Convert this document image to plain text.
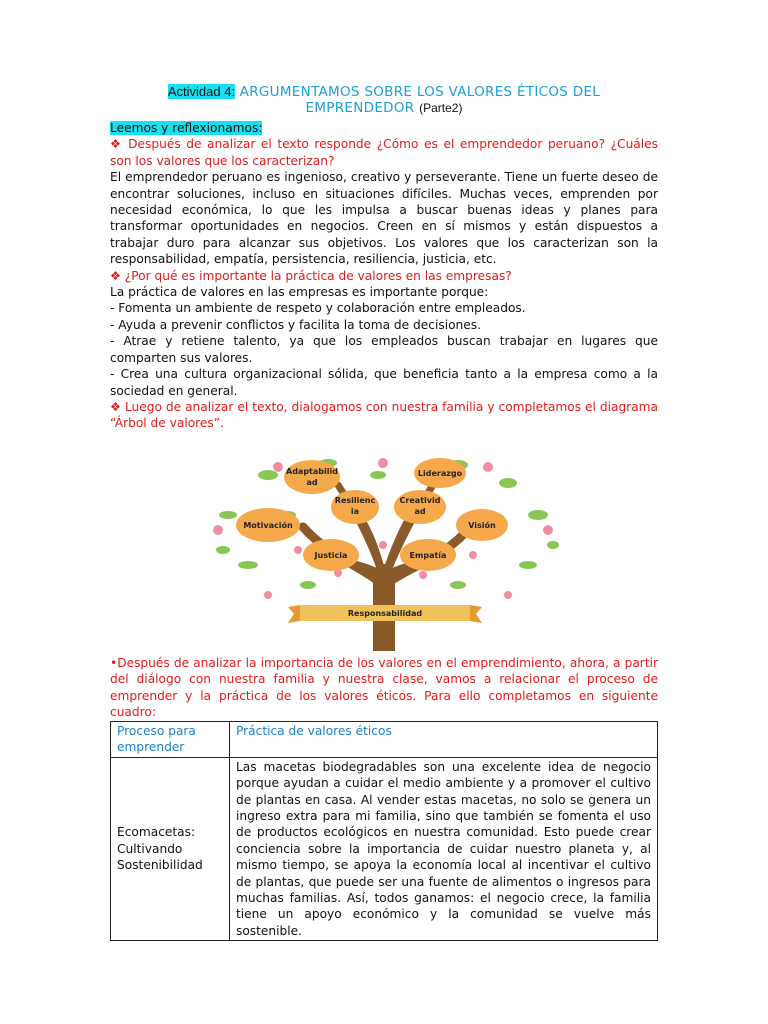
Actividad 4: ARGUMENTAMOS SOBRE LOS VALORES ÉTICOS DEL
EMPRENDEDOR (Parte2)

Leemos y reflexionamos:

❖ Después de analizar el texto responde ¿Cómo es el emprendedor peruano? ¿Cuáles son los valores que los caracterizan?

El emprendedor peruano es ingenioso, creativo y perseverante. Tiene un fuerte deseo de encontrar soluciones, incluso en situaciones difíciles. Muchas veces, emprenden por necesidad económica, lo que les impulsa a buscar buenas ideas y planes para transformar oportunidades en negocios. Creen en sí mismos y están dispuestos a trabajar duro para alcanzar sus objetivos. Los valores que los caracterizan son la responsabilidad, empatía, persistencia, resiliencia, justicia, etc.

❖ ¿Por qué es importante la práctica de valores en las empresas?

La práctica de valores en las empresas es importante porque:

- Fomenta un ambiente de respeto y colaboración entre empleados.

- Ayuda a prevenir conflictos y facilita la toma de decisiones.

- Atrae y retiene talento, ya que los empleados buscan trabajar en lugares que comparten sus valores.

- Crea una cultura organizacional sólida, que beneficia tanto a la empresa como a la sociedad en general.

❖ Luego de analizar el texto, dialogamos con nuestra familia y completamos el diagrama “Árbol de valores”.

Adaptabilid
ad
Liderazgo
Resilienc
ia
Creativid
ad
Motivación	Visión
Justicia	Empatía
Responsabilidad

•Después de analizar la importancia de los valores en el emprendimiento, ahora, a partir del diálogo con nuestra familia y nuestra clase, vamos a relacionar el proceso de emprender y la práctica de los valores éticos. Para ello completamos en siguiente cuadro:

Proceso para emprender	Práctica de valores éticos
Ecomacetas: Cultivando Sostenibilidad	Las macetas biodegradables son una excelente idea de negocio porque ayudan a cuidar el medio ambiente y a promover el cultivo de plantas en casa. Al vender estas macetas, no solo se genera un ingreso extra para mi familia, sino que también se fomenta el uso de productos ecológicos en nuestra comunidad. Esto puede crear conciencia sobre la importancia de cuidar nuestro planeta y, al mismo tiempo, se apoya la economía local al incentivar el cultivo de plantas, que puede ser una fuente de alimentos o ingresos para muchas familias. Así, todos ganamos: el negocio crece, la familia tiene un apoyo económico y la comunidad se vuelve más sostenible.
